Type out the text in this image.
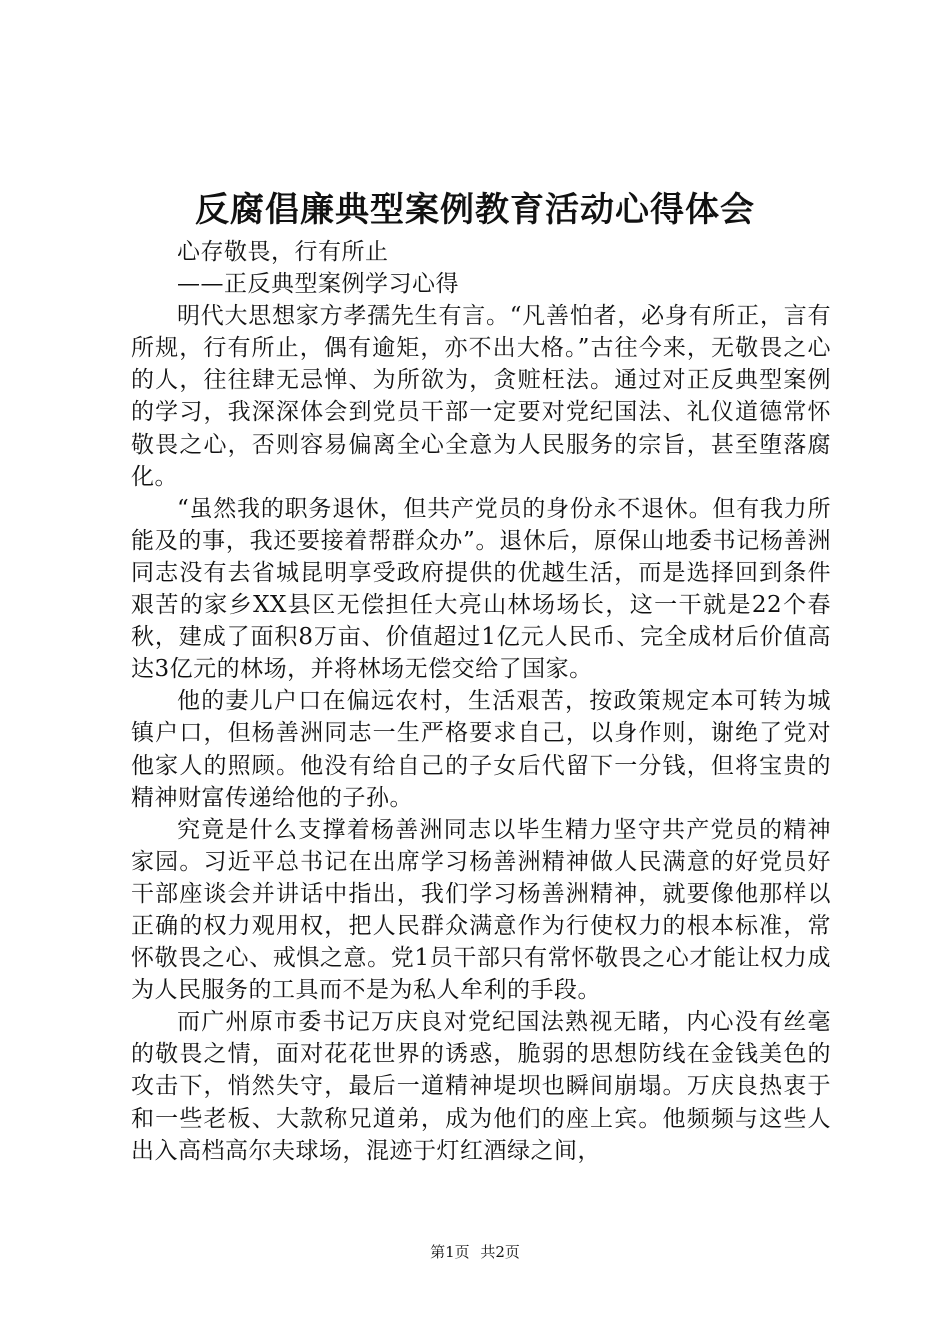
反腐倡廉典型案例教育活动心得体会

心存敬畏，行有所止

——正反典型案例学习心得

明代大思想家方孝孺先生有言。“凡善怕者，必身有所正，言有所规，行有所止，偶有逾矩，亦不出大格。”古往今来，无敬畏之心的人，往往肆无忌惮、为所欲为，贪赃枉法。通过对正反典型案例的学习，我深深体会到党员干部一定要对党纪国法、礼仪道德常怀敬畏之心，否则容易偏离全心全意为人民服务的宗旨，甚至堕落腐化。

“虽然我的职务退休，但共产党员的身份永不退休。但有我力所能及的事，我还要接着帮群众办”。退休后，原保山地委书记杨善洲同志没有去省城昆明享受政府提供的优越生活，而是选择回到条件艰苦的家乡XX县区无偿担任大亮山林场场长，这一干就是22个春秋，建成了面积8万亩、价值超过1亿元人民币、完全成材后价值高达3亿元的林场，并将林场无偿交给了国家。

他的妻儿户口在偏远农村，生活艰苦，按政策规定本可转为城镇户口，但杨善洲同志一生严格要求自己，以身作则，谢绝了党对他家人的照顾。他没有给自己的子女后代留下一分钱，但将宝贵的精神财富传递给他的子孙。

究竟是什么支撑着杨善洲同志以毕生精力坚守共产党员的精神家园。习近平总书记在出席学习杨善洲精神做人民满意的好党员好干部座谈会并讲话中指出，我们学习杨善洲精神，就要像他那样以正确的权力观用权，把人民群众满意作为行使权力的根本标准，常怀敬畏之心、戒惧之意。党1员干部只有常怀敬畏之心才能让权力成为人民服务的工具而不是为私人牟利的手段。

而广州原市委书记万庆良对党纪国法熟视无睹，内心没有丝毫的敬畏之情，面对花花世界的诱惑，脆弱的思想防线在金钱美色的攻击下，悄然失守，最后一道精神堤坝也瞬间崩塌。万庆良热衷于和一些老板、大款称兄道弟，成为他们的座上宾。他频频与这些人出入高档高尔夫球场，混迹于灯红酒绿之间，

第1页 共2页
